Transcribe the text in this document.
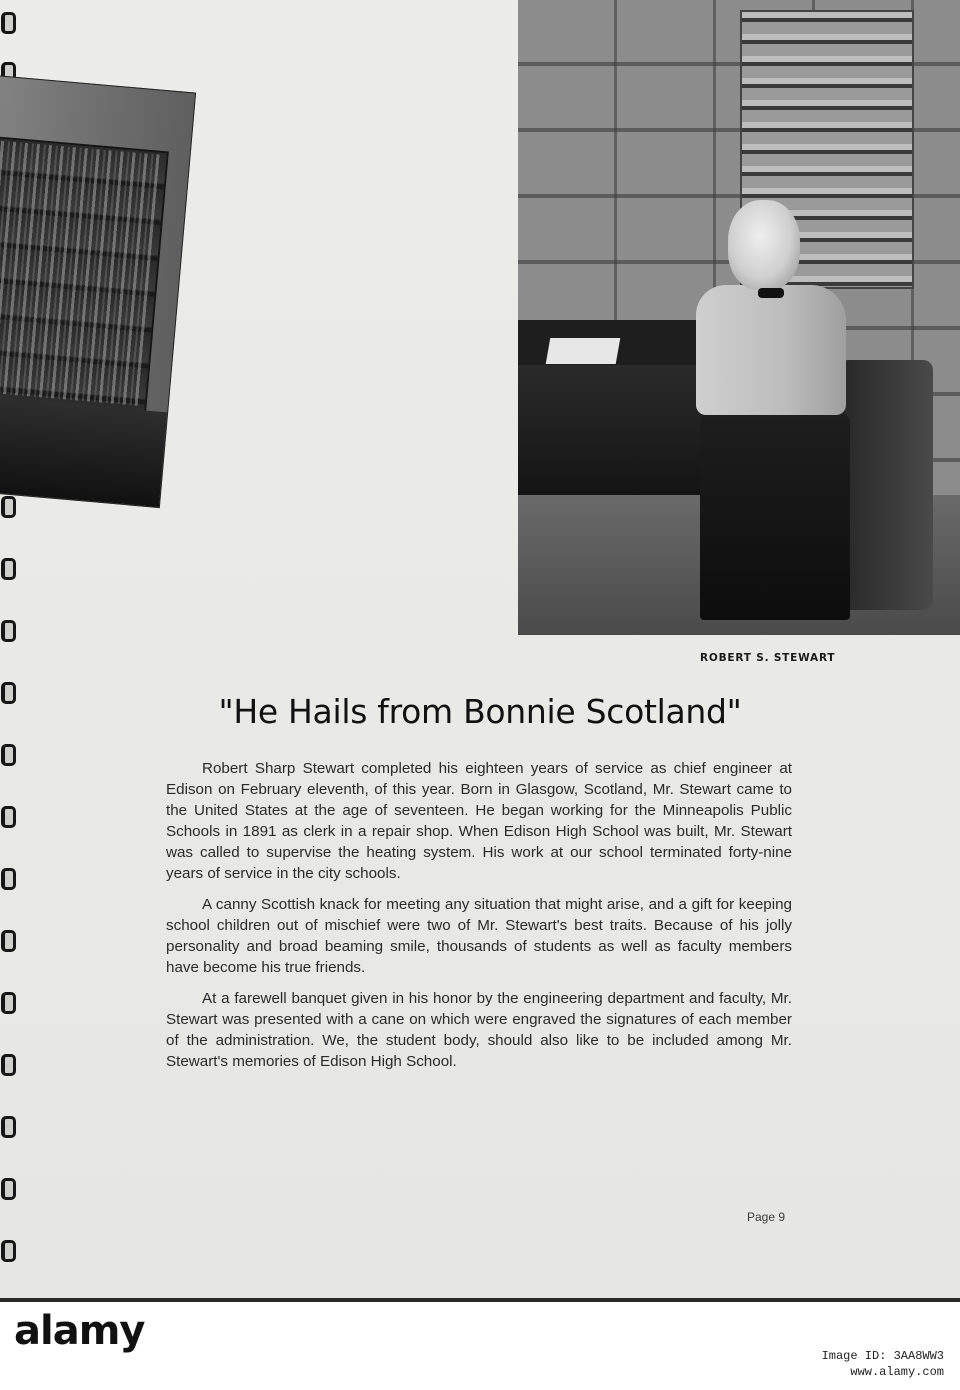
ROBERT S. STEWART
"He Hails from Bonnie Scotland"

Robert Sharp Stewart completed his eighteen years of service as chief engineer at Edison on February eleventh, of this year. Born in Glasgow, Scotland, Mr. Stewart came to the United States at the age of seventeen. He began working for the Minneapolis Public Schools in 1891 as clerk in a repair shop. When Edison High School was built, Mr. Stewart was called to supervise the heating system. His work at our school terminated forty-nine years of service in the city schools.

A canny Scottish knack for meeting any situation that might arise, and a gift for keeping school children out of mischief were two of Mr. Stewart's best traits. Because of his jolly personality and broad beaming smile, thousands of students as well as faculty members have become his true friends.

At a farewell banquet given in his honor by the engineering department and faculty, Mr. Stewart was presented with a cane on which were engraved the signatures of each member of the administration. We, the student body, should also like to be included among Mr. Stewart's memories of Edison High School.

Page 9
alamy
Image ID: 3AA8WW3
www.alamy.com
